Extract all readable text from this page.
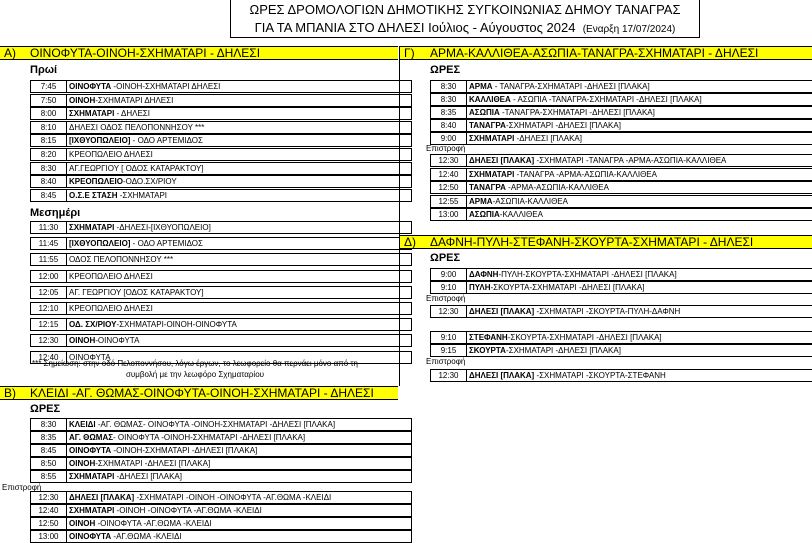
ΩΡΕΣ ΔΡΟΜΟΛΟΓΙΩΝ ΔΗΜΟΤΙΚΗΣ ΣΥΓΚΟΙΝΩΝΙΑΣ ΔΗΜΟΥ ΤΑΝΑΓΡΑΣ
ΓΙΑ ΤΑ ΜΠΑΝΙΑ ΣΤΟ ΔΗΛΕΣΙ Ιούλιος - Αύγουστος 2024 (Εναρξη 17/07/2024)
Α) ΟΙΝΟΦΥΤΑ-ΟΙΝΟΗ-ΣΧΗΜΑΤΑΡΙ - ΔΗΛΕΣΙ
Πρωί
7:45	ΟΙΝΟΦΥΤΑ -ΟΙΝΟΗ-ΣΧΗΜΑΤΑΡΙ ΔΗΛΕΣΙ
7:50	ΟΙΝΟΗ-ΣΧΗΜΑΤΑΡΙ ΔΗΛΕΣΙ
8:00	ΣΧΗΜΑΤΑΡΙ - ΔΗΛΕΣΙ
8:10	ΔΗΛΕΣΙ ΟΔΟΣ ΠΕΛΟΠΟΝΝΗΣΟΥ ***
8:15	[ΙΧΘΥΟΠΩΛΕΙΟ] - ΟΔΟ ΑΡΤΕΜΙΔΟΣ
8:20	ΚΡΕΟΠΩΛΕΙΟ ΔΗΛΕΣΙ
8:30	ΑΓ.ΓΕΩΡΓΙΟΥ [ ΟΔΟΣ ΚΑΤΑΡΑΚΤΟΥ]
8:40	ΚΡΕΟΠΩΛΕΙΟ-ΟΔΟ.ΣΧ/ΡΙΟΥ
8:45	Ο.Σ.Ε ΣΤΑΣΗ -ΣΧΗΜΑΤΑΡΙ
Μεσημέρι
11:30	ΣΧΗΜΑΤΑΡΙ -ΔΗΛΕΣΙ-[ΙΧΘΥΟΠΩΛΕΙΟ]
11:45	[ΙΧΘΥΟΠΩΛΕΙΟ] - ΟΔΟ ΑΡΤΕΜΙΔΟΣ
11:55	ΟΔΟΣ ΠΕΛΟΠΟΝΝΗΣΟΥ ***
12:00	ΚΡΕΟΠΩΛΕΙΟ ΔΗΛΕΣΙ
12:05	ΑΓ. ΓΕΩΡΓΙΟΥ [ΟΔΟΣ ΚΑΤΑΡΑΚΤΟΥ]
12:10	ΚΡΕΟΠΩΛΕΙΟ ΔΗΛΕΣΙ
12:15	ΟΔ. ΣΧ/ΡΙΟΥ-ΣΧΗΜΑΤΑΡΙ-ΟΙΝΟΗ-ΟΙΝΟΦΥΤΑ
12:30	ΟΙΝΟΗ-ΟΙΝΟΦΥΤΑ
12:40	ΟΙΝΟΦΥΤΑ
*** Σημείωση: στην οδό Πελοποννήσου, λόγω έργων, το λεωφορείο θα περνάει μόνο από τη
συμβολή με την λεωφόρο Σχηματαρίου
Β) ΚΛΕΙΔΙ -ΑΓ. ΘΩΜΑΣ-ΟΙΝΟΦΥΤΑ-ΟΙΝΟΗ-ΣΧΗΜΑΤΑΡΙ - ΔΗΛΕΣΙ
ΩΡΕΣ
8:30	ΚΛΕΙΔΙ -ΑΓ. ΘΩΜΑΣ- ΟΙΝΟΦΥΤΑ -ΟΙΝΟΗ-ΣΧΗΜΑΤΑΡΙ -ΔΗΛΕΣΙ [ΠΛΑΚΑ]
8:35	ΑΓ. ΘΩΜΑΣ- ΟΙΝΟΦΥΤΑ -ΟΙΝΟΗ-ΣΧΗΜΑΤΑΡΙ -ΔΗΛΕΣΙ [ΠΛΑΚΑ]
8:45	ΟΙΝΟΦΥΤΑ -ΟΙΝΟΗ-ΣΧΗΜΑΤΑΡΙ -ΔΗΛΕΣΙ [ΠΛΑΚΑ]
8:50	ΟΙΝΟΗ-ΣΧΗΜΑΤΑΡΙ -ΔΗΛΕΣΙ [ΠΛΑΚΑ]
8:55	ΣΧΗΜΑΤΑΡΙ -ΔΗΛΕΣΙ [ΠΛΑΚΑ]
Επιστροφή
12:30	ΔΗΛΕΣΙ [ΠΛΑΚΑ] -ΣΧΗΜΑΤΑΡΙ -ΟΙΝΟΗ -ΟΙΝΟΦΥΤΑ -ΑΓ.ΘΩΜΑ -ΚΛΕΙΔΙ
12:40	ΣΧΗΜΑΤΑΡΙ -ΟΙΝΟΗ -ΟΙΝΟΦΥΤΑ -ΑΓ.ΘΩΜΑ -ΚΛΕΙΔΙ
12:50	ΟΙΝΟΗ -ΟΙΝΟΦΥΤΑ -ΑΓ.ΘΩΜΑ -ΚΛΕΙΔΙ
13:00	ΟΙΝΟΦΥΤΑ -ΑΓ.ΘΩΜΑ -ΚΛΕΙΔΙ
Γ) ΑΡΜΑ-ΚΑΛΛΙΘΕΑ-ΑΣΩΠΙΑ-ΤΑΝΑΓΡΑ-ΣΧΗΜΑΤΑΡΙ - ΔΗΛΕΣΙ
ΩΡΕΣ
8:30	ΑΡΜΑ - ΤΑΝΑΓΡΑ-ΣΧΗΜΑΤΑΡΙ -ΔΗΛΕΣΙ [ΠΛΑΚΑ]
8:30	ΚΑΛΛΙΘΕΑ - ΑΣΩΠΙΑ -ΤΑΝΑΓΡΑ-ΣΧΗΜΑΤΑΡΙ -ΔΗΛΕΣΙ [ΠΛΑΚΑ]
8:35	ΑΣΩΠΙΑ -ΤΑΝΑΓΡΑ-ΣΧΗΜΑΤΑΡΙ -ΔΗΛΕΣΙ [ΠΛΑΚΑ]
8:40	ΤΑΝΑΓΡΑ-ΣΧΗΜΑΤΑΡΙ -ΔΗΛΕΣΙ [ΠΛΑΚΑ]
9:00	ΣΧΗΜΑΤΑΡΙ -ΔΗΛΕΣΙ [ΠΛΑΚΑ]
Επιστροφή
12:30	ΔΗΛΕΣΙ [ΠΛΑΚΑ] -ΣΧΗΜΑΤΑΡΙ -ΤΑΝΑΓΡΑ -ΑΡΜΑ-ΑΣΩΠΙΑ-ΚΑΛΛΙΘΕΑ
12:40	ΣΧΗΜΑΤΑΡΙ -ΤΑΝΑΓΡΑ -ΑΡΜΑ-ΑΣΩΠΙΑ-ΚΑΛΛΙΘΕΑ
12:50	ΤΑΝΑΓΡΑ -ΑΡΜΑ-ΑΣΩΠΙΑ-ΚΑΛΛΙΘΕΑ
12:55	ΑΡΜΑ-ΑΣΩΠΙΑ-ΚΑΛΛΙΘΕΑ
13:00	ΑΣΩΠΙΑ-ΚΑΛΛΙΘΕΑ
Δ) ΔΑΦΝΗ-ΠΥΛΗ-ΣΤΕΦΑΝΗ-ΣΚΟΥΡΤΑ-ΣΧΗΜΑΤΑΡΙ - ΔΗΛΕΣΙ
ΩΡΕΣ
9:00	ΔΑΦΝΗ-ΠΥΛΗ-ΣΚΟΥΡΤΑ-ΣΧΗΜΑΤΑΡΙ -ΔΗΛΕΣΙ [ΠΛΑΚΑ]
9:10	ΠΥΛΗ-ΣΚΟΥΡΤΑ-ΣΧΗΜΑΤΑΡΙ -ΔΗΛΕΣΙ [ΠΛΑΚΑ]
Επιστροφή
12:30	ΔΗΛΕΣΙ [ΠΛΑΚΑ] -ΣΧΗΜΑΤΑΡΙ -ΣΚΟΥΡΤΑ-ΠΥΛΗ-ΔΑΦΝΗ
9:10	ΣΤΕΦΑΝΗ-ΣΚΟΥΡΤΑ-ΣΧΗΜΑΤΑΡΙ -ΔΗΛΕΣΙ [ΠΛΑΚΑ]
9:15	ΣΚΟΥΡΤΑ-ΣΧΗΜΑΤΑΡΙ -ΔΗΛΕΣΙ [ΠΛΑΚΑ]
Επιστροφή
12:30	ΔΗΛΕΣΙ [ΠΛΑΚΑ] -ΣΧΗΜΑΤΑΡΙ -ΣΚΟΥΡΤΑ-ΣΤΕΦΑΝΗ
